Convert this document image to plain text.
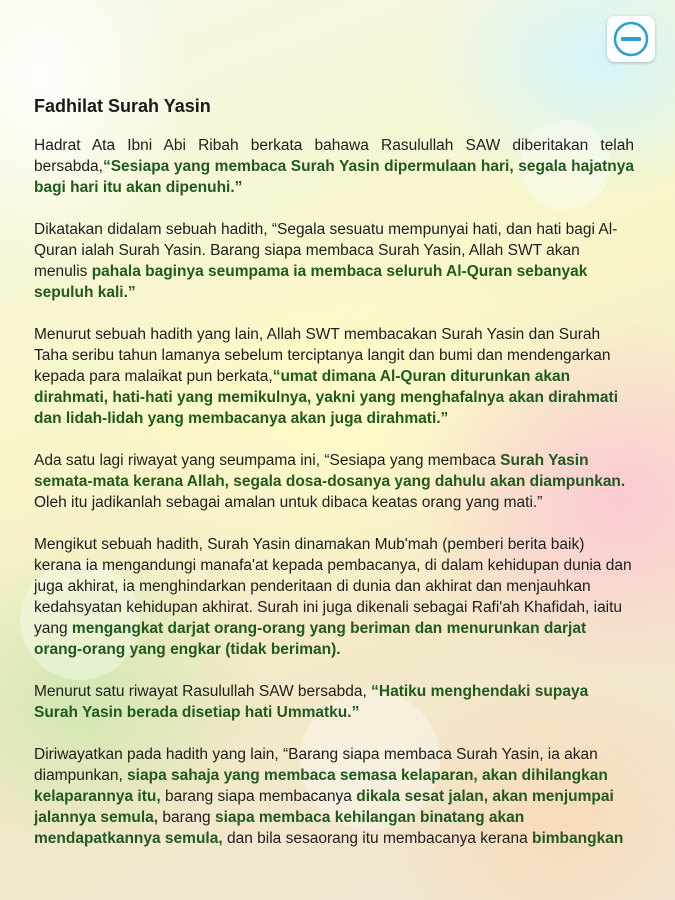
Fadhilat Surah Yasin

Hadrat Ata Ibni Abi Ribah berkata bahawa Rasulullah SAW diberitakan telah bersabda,“Sesiapa yang membaca Surah Yasin dipermulaan hari, segala hajatnya bagi hari itu akan dipenuhi.”

Dikatakan didalam sebuah hadith, “Segala sesuatu mempunyai hati, dan hati bagi Al-Quran ialah Surah Yasin. Barang siapa membaca Surah Yasin, Allah SWT akan menulis pahala baginya seumpama ia membaca seluruh Al-Quran sebanyak sepuluh kali.”

Menurut sebuah hadith yang lain, Allah SWT membacakan Surah Yasin dan Surah Taha seribu tahun lamanya sebelum terciptanya langit dan bumi dan mendengarkan kepada para malaikat pun berkata,“umat dimana Al-Quran diturunkan akan dirahmati, hati-hati yang memikulnya, yakni yang menghafalnya akan dirahmati dan lidah-lidah yang membacanya akan juga dirahmati.”

Ada satu lagi riwayat yang seumpama ini, “Sesiapa yang membaca Surah Yasin semata-mata kerana Allah, segala dosa-dosanya yang dahulu akan diampunkan. Oleh itu jadikanlah sebagai amalan untuk dibaca keatas orang yang mati.”

Mengikut sebuah hadith, Surah Yasin dinamakan Mub'mah (pemberi berita baik) kerana ia mengandungi manafa'at kepada pembacanya, di dalam kehidupan dunia dan juga akhirat, ia menghindarkan penderitaan di dunia dan akhirat dan menjauhkan kedahsyatan kehidupan akhirat. Surah ini juga dikenali sebagai Rafi'ah Khafidah, iaitu yang mengangkat darjat orang-orang yang beriman dan menurunkan darjat orang-orang yang engkar (tidak beriman).

Menurut satu riwayat Rasulullah SAW bersabda, “Hatiku menghendaki supaya Surah Yasin berada disetiap hati Ummatku.”

Diriwayatkan pada hadith yang lain, “Barang siapa membaca Surah Yasin, ia akan diampunkan, siapa sahaja yang membaca semasa kelaparan, akan dihilangkan kelaparannya itu, barang siapa membacanya dikala sesat jalan, akan menjumpai jalannya semula, barang siapa membaca kehilangan binatang akan mendapatkannya semula, dan bila sesaorang itu membacanya kerana bimbangkan
